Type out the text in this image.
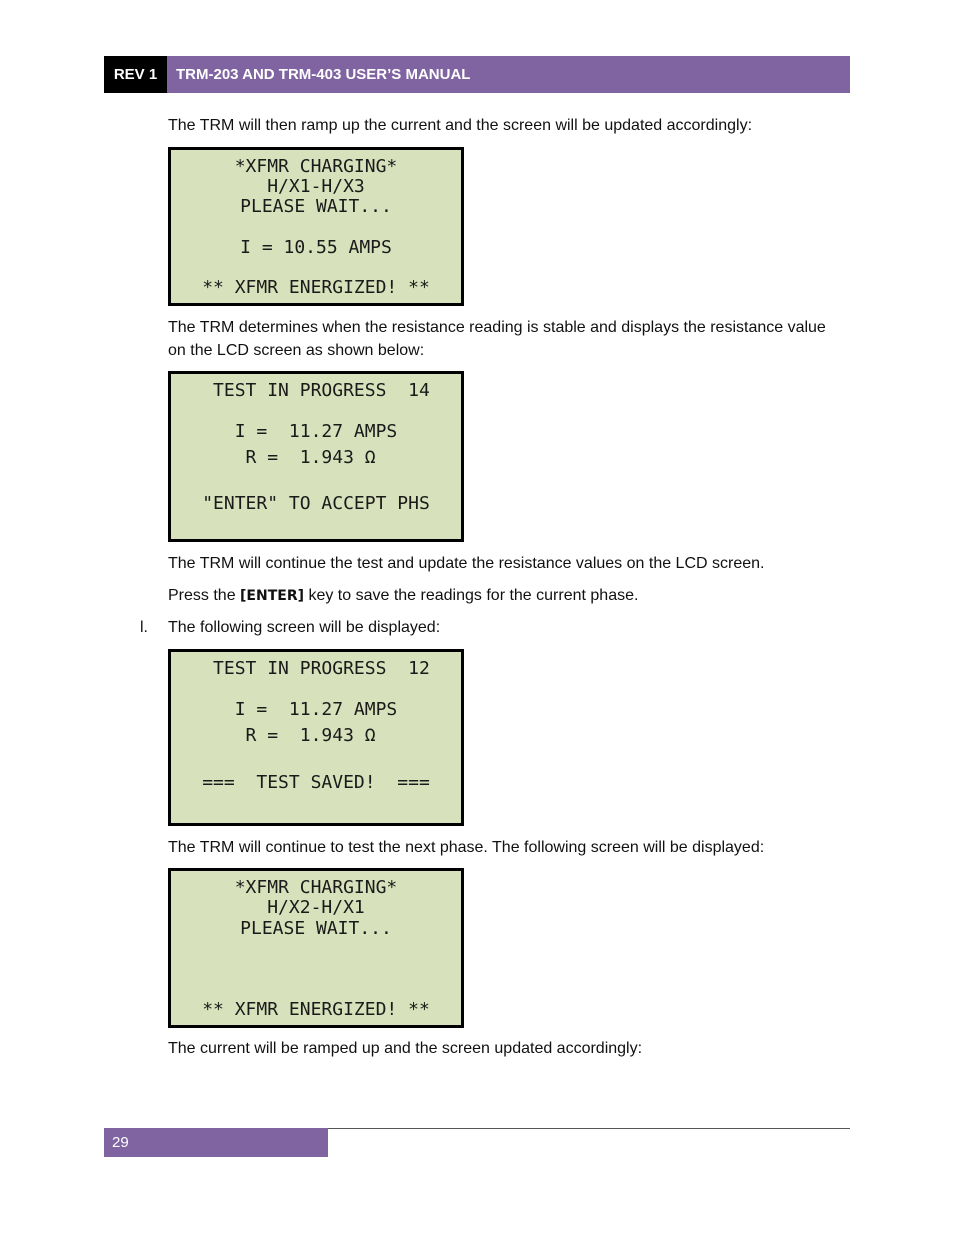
REV 1	TRM-203 AND TRM-403 USER’S MANUAL

The TRM will then ramp up the current and the screen will be updated accordingly:

*XFMR CHARGING*
H/X1-H/X3
PLEASE WAIT...
I = 10.55 AMPS
** XFMR ENERGIZED! **

The TRM determines when the resistance reading is stable and displays the resistance value on the LCD screen as shown below:

TEST IN PROGRESS  14
I =  11.27 AMPS
R =  1.943 Ω
"ENTER" TO ACCEPT PHS

The TRM will continue the test and update the resistance values on the LCD screen.

Press the [ENTER] key to save the readings for the current phase.

l. The following screen will be displayed:

TEST IN PROGRESS  12
I =  11.27 AMPS
R =  1.943 Ω
===  TEST SAVED!  ===

The TRM will continue to test the next phase. The following screen will be displayed:

*XFMR CHARGING*
H/X2-H/X1
PLEASE WAIT...
** XFMR ENERGIZED! **

The current will be ramped up and the screen updated accordingly:

29
